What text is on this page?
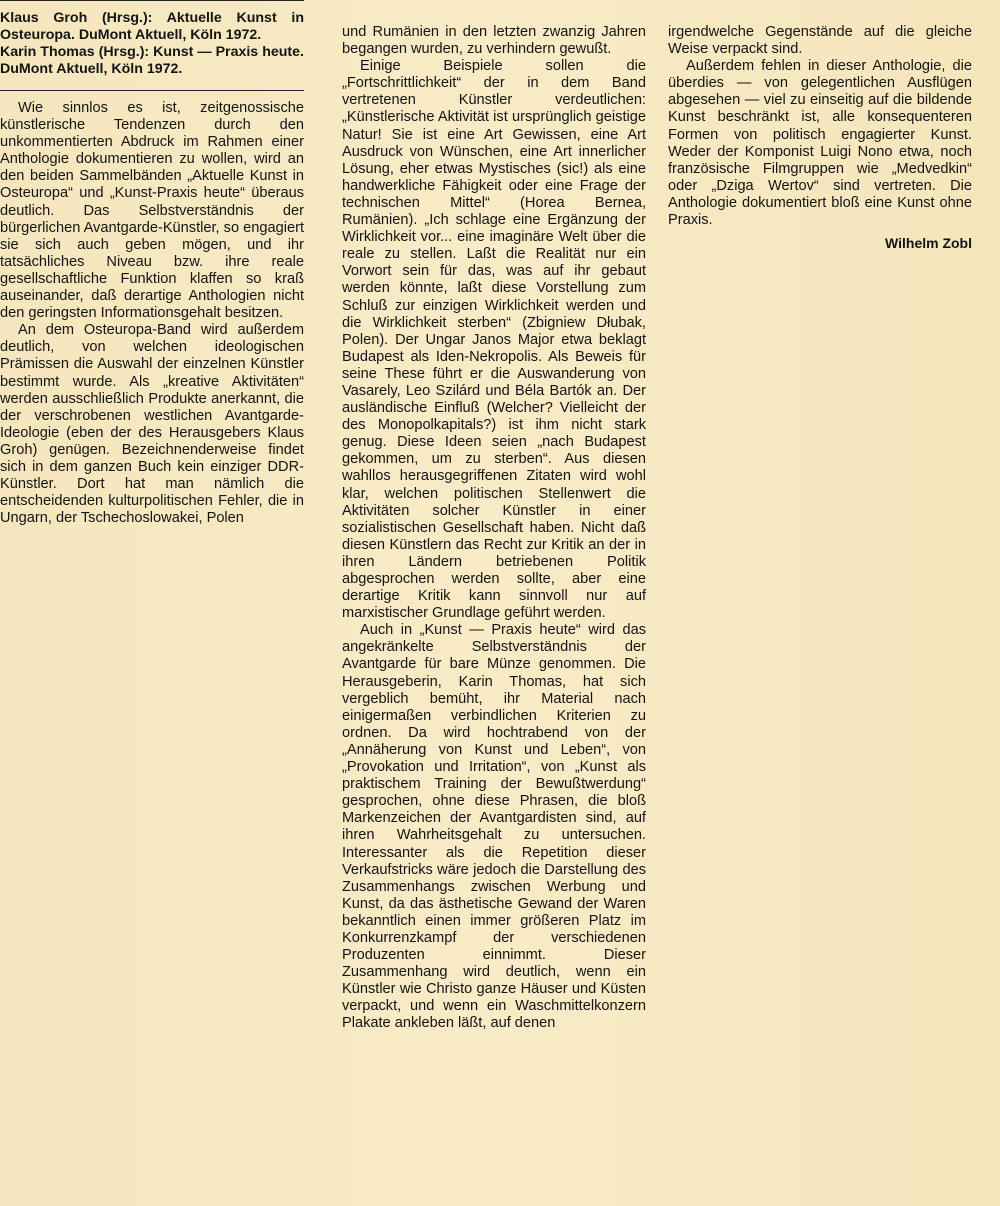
Klaus Groh (Hrsg.): Aktuelle Kunst in Osteuropa. DuMont Aktuell, Köln 1972.
Karin Thomas (Hrsg.): Kunst — Praxis heute. DuMont Aktuell, Köln 1972.

Wie sinnlos es ist, zeitgenossische künstlerische Tendenzen durch den unkommentierten Abdruck im Rahmen einer Anthologie dokumentieren zu wollen, wird an den beiden Sammelbänden „Aktuelle Kunst in Osteuropa“ und „Kunst-Praxis heute“ überaus deutlich. Das Selbstverständnis der bürgerlichen Avantgarde-Künstler, so engagiert sie sich auch geben mögen, und ihr tatsächliches Niveau bzw. ihre reale gesellschaftliche Funktion klaffen so kraß auseinander, daß derartige Anthologien nicht den geringsten Informationsgehalt besitzen.

An dem Osteuropa-Band wird außerdem deutlich, von welchen ideologischen Prämissen die Auswahl der einzelnen Künstler bestimmt wurde. Als „kreative Aktivitäten“ werden ausschließlich Produkte anerkannt, die der verschrobenen westlichen Avantgarde-Ideologie (eben der des Herausgebers Klaus Groh) genügen. Bezeichnenderweise findet sich in dem ganzen Buch kein einziger DDR-Künstler. Dort hat man nämlich die entscheidenden kulturpolitischen Fehler, die in Ungarn, der Tschechoslowakei, Polen

und Rumänien in den letzten zwanzig Jahren begangen wurden, zu verhindern gewußt.

Einige Beispiele sollen die „Fortschrittlichkeit“ der in dem Band vertretenen Künstler verdeutlichen: „Künstlerische Aktivität ist ursprünglich geistige Natur! Sie ist eine Art Gewissen, eine Art Ausdruck von Wünschen, eine Art innerlicher Lösung, eher etwas Mystisches (sic!) als eine handwerkliche Fähigkeit oder eine Frage der technischen Mittel“ (Horea Bernea, Rumänien). „Ich schlage eine Ergänzung der Wirklichkeit vor... eine imaginäre Welt über die reale zu stellen. Laßt die Realität nur ein Vorwort sein für das, was auf ihr gebaut werden könnte, laßt diese Vorstellung zum Schluß zur einzigen Wirklichkeit werden und die Wirklichkeit sterben“ (Zbigniew Dłubak, Polen). Der Ungar Janos Major etwa beklagt Budapest als Iden-Nekropolis. Als Beweis für seine These führt er die Auswanderung von Vasarely, Leo Szilárd und Béla Bartók an. Der ausländische Einfluß (Welcher? Vielleicht der des Monopolkapitals?) ist ihm nicht stark genug. Diese Ideen seien „nach Budapest gekommen, um zu sterben“. Aus diesen wahllos herausgegriffenen Zitaten wird wohl klar, welchen politischen Stellenwert die Aktivitäten solcher Künstler in einer sozialistischen Gesellschaft haben. Nicht daß diesen Künstlern das Recht zur Kritik an der in ihren Ländern betriebenen Politik abgesprochen werden sollte, aber eine derartige Kritik kann sinnvoll nur auf marxistischer Grundlage geführt werden.

Auch in „Kunst — Praxis heute“ wird das angekränkelte Selbstverständnis der Avantgarde für bare Münze genommen. Die Herausgeberin, Karin Thomas, hat sich vergeblich bemüht, ihr Material nach einigermaßen verbindlichen Kriterien zu ordnen. Da wird hochtrabend von der „Annäherung von Kunst und Leben“, von „Provokation und Irritation“, von „Kunst als praktischem Training der Bewußtwerdung“ gesprochen, ohne diese Phrasen, die bloß Markenzeichen der Avantgardisten sind, auf ihren Wahrheitsgehalt zu untersuchen. Interessanter als die Repetition dieser Verkaufstricks wäre jedoch die Darstellung des Zusammenhangs zwischen Werbung und Kunst, da das ästhetische Gewand der Waren bekanntlich einen immer größeren Platz im Konkurrenzkampf der verschiedenen Produzenten einnimmt. Dieser Zusammenhang wird deutlich, wenn ein Künstler wie Christo ganze Häuser und Küsten verpackt, und wenn ein Waschmittelkonzern Plakate ankleben läßt, auf denen

irgendwelche Gegenstände auf die gleiche Weise verpackt sind.

Außerdem fehlen in dieser Anthologie, die überdies — von gelegentlichen Ausflügen abgesehen — viel zu einseitig auf die bildende Kunst beschränkt ist, alle konsequenteren Formen von politisch engagierter Kunst. Weder der Komponist Luigi Nono etwa, noch französische Filmgruppen wie „Medvedkin“ oder „Dziga Wertov“ sind vertreten. Die Anthologie dokumentiert bloß eine Kunst ohne Praxis.

Wilhelm Zobl
